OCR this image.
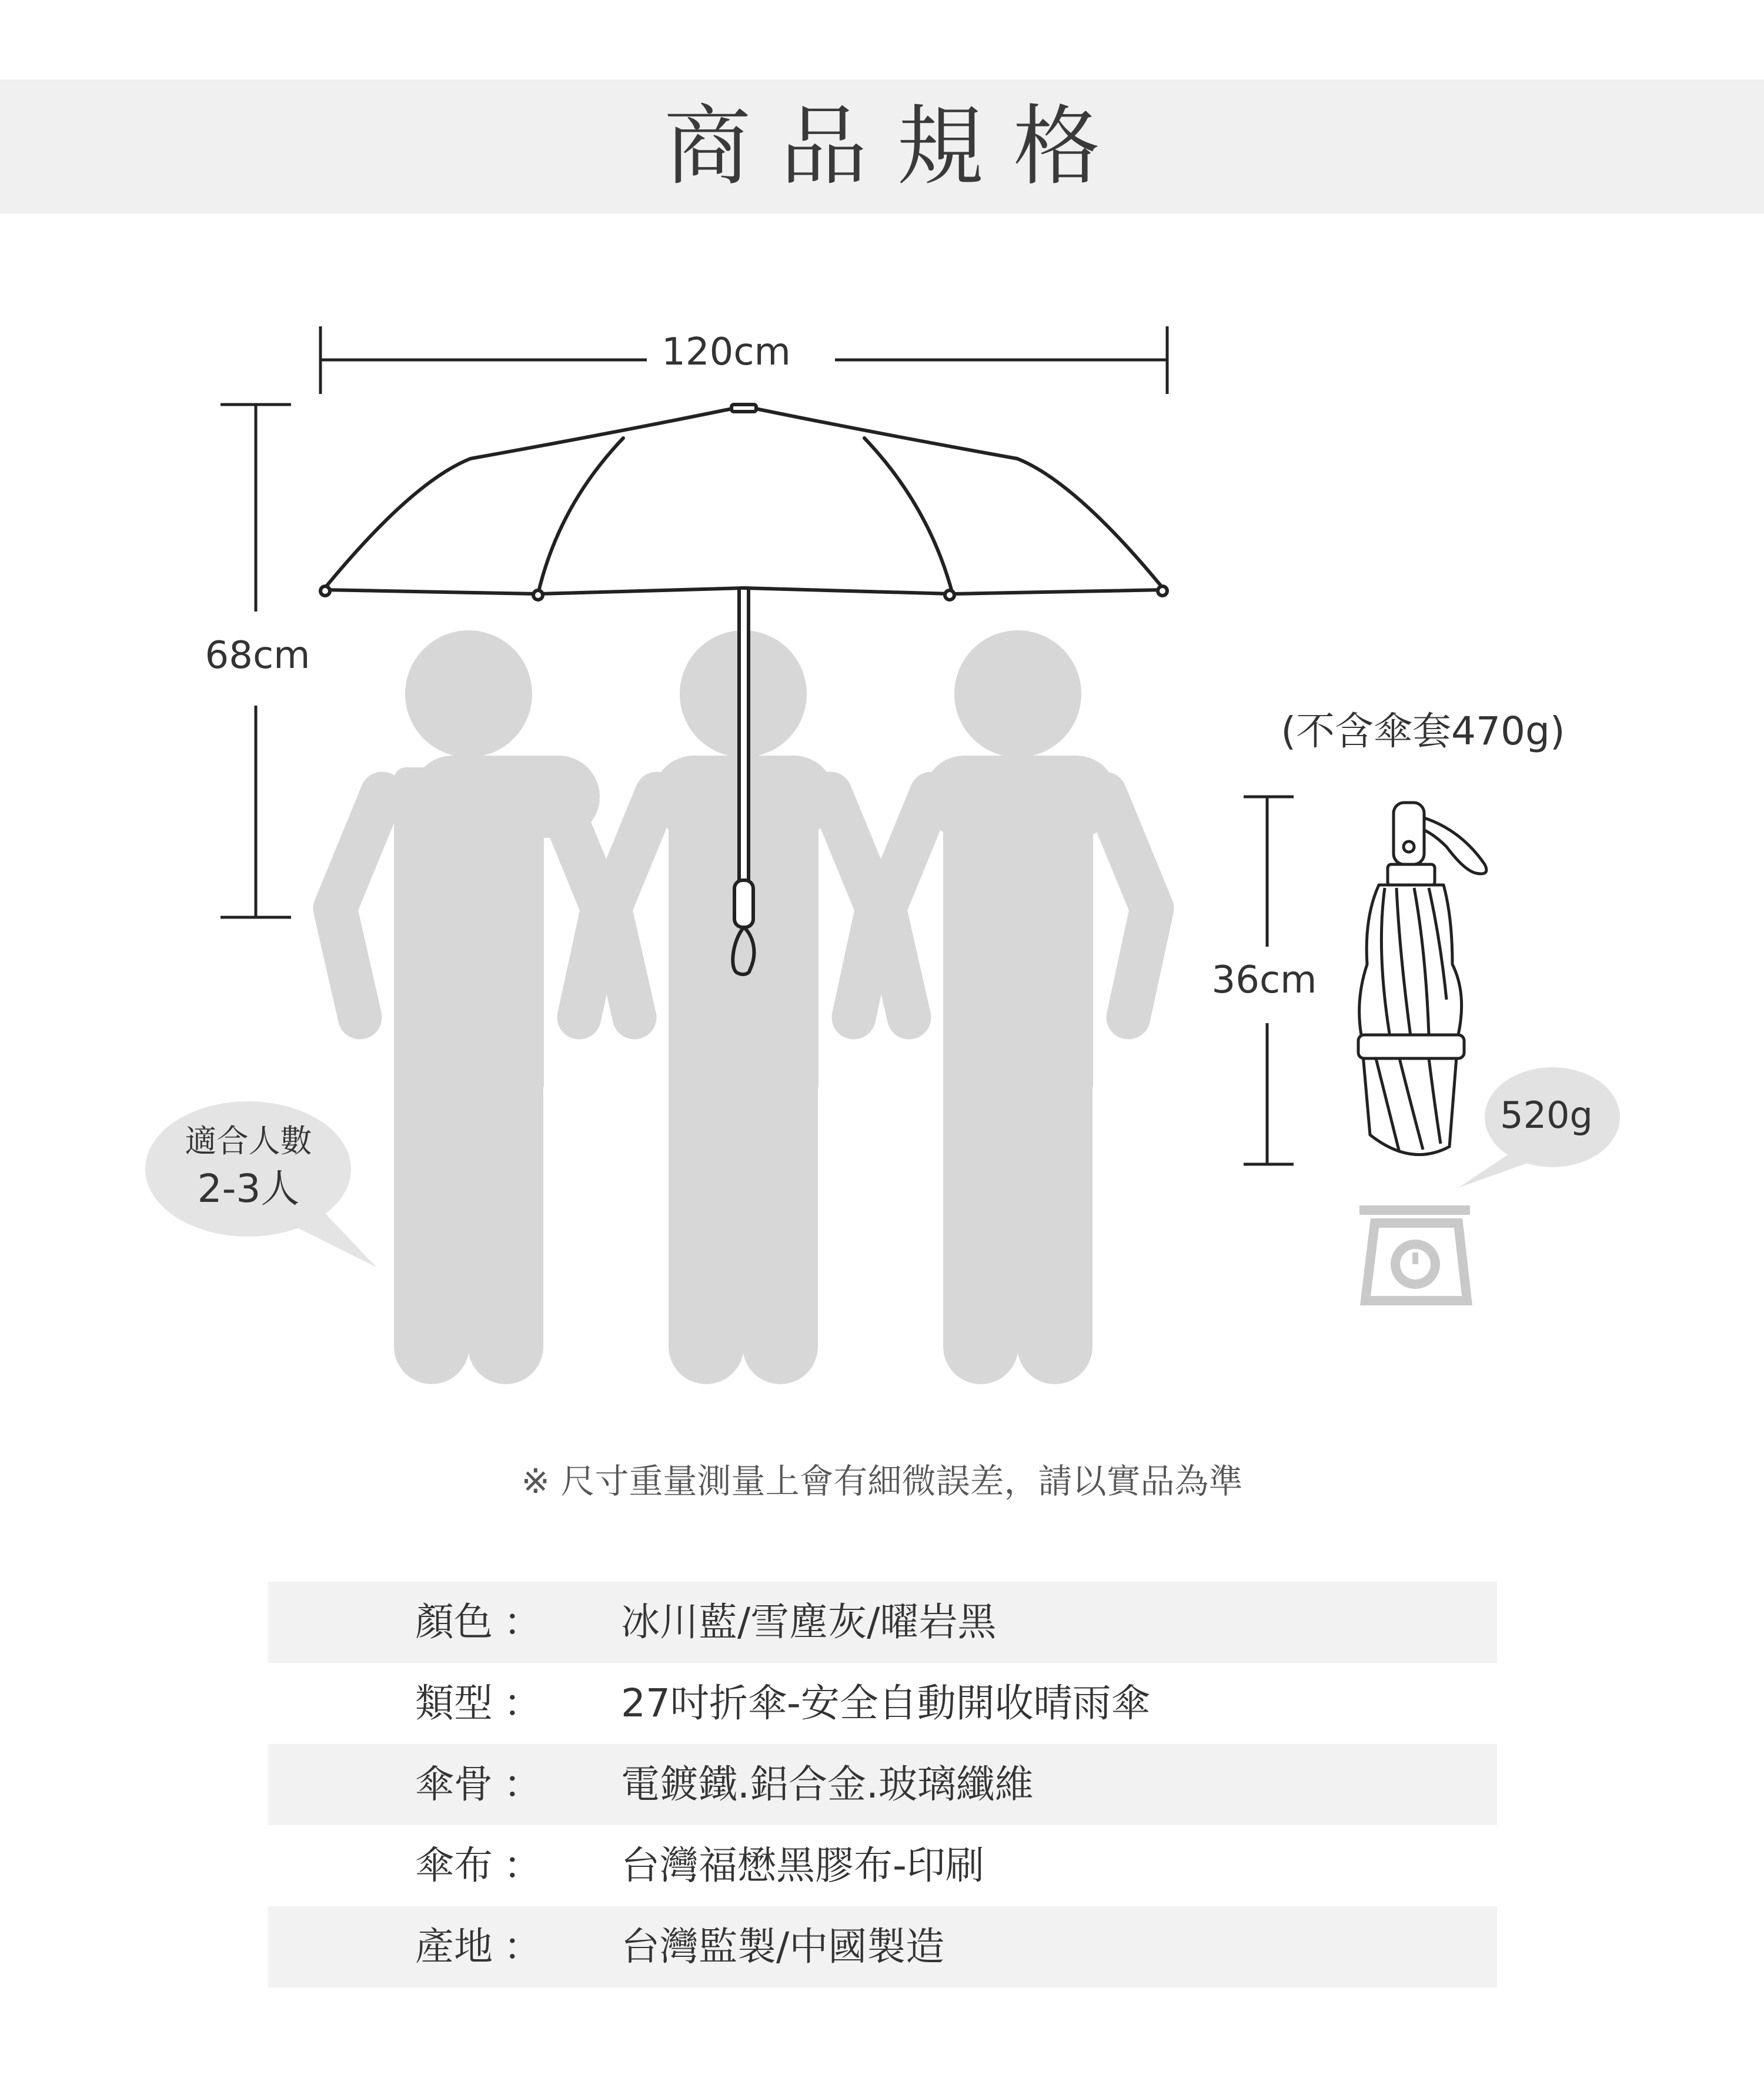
商品規格
120cm
68cm
36cm
(不含傘套470g)
520g
適合人數
2-3人
※ 尺寸重量測量上會有細微誤差，請以實品為準
顏色 ： 冰川藍/雪塵灰/曜岩黑
類型 ： 27吋折傘-安全自動開收晴雨傘
傘骨 ： 電鍍鐵.鋁合金.玻璃纖維
傘布 ： 台灣福懋黑膠布-印刷
產地 ： 台灣監製/中國製造
